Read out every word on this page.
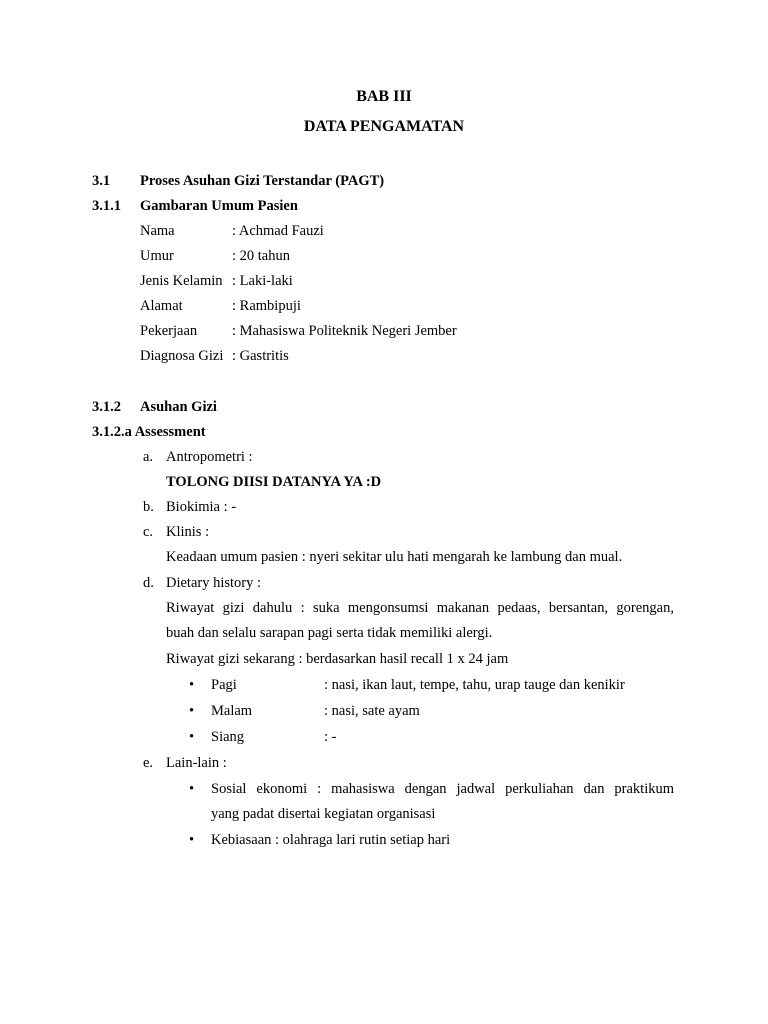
BAB III
DATA PENGAMATAN
3.1 Proses Asuhan Gizi Terstandar (PAGT)
3.1.1 Gambaran Umum Pasien
Nama	: Achmad Fauzi
Umur	: 20 tahun
Jenis Kelamin : Laki-laki
Alamat	: Rambipuji
Pekerjaan : Mahasiswa Politeknik Negeri Jember
Diagnosa Gizi : Gastritis
3.1.2 Asuhan Gizi
3.1.2.a Assessment
a. Antropometri :
TOLONG DIISI DATANYA YA :D
b. Biokimia : -
c. Klinis :
Keadaan umum pasien : nyeri sekitar ulu hati mengarah ke lambung dan mual.
d. Dietary history :
Riwayat gizi dahulu : suka mengonsumsi makanan pedaas, bersantan, gorengan,
buah dan selalu sarapan pagi serta tidak memiliki alergi.
Riwayat gizi sekarang : berdasarkan hasil recall 1 x 24 jam
• Pagi	: nasi, ikan laut, tempe, tahu, urap tauge dan kenikir
• Malam	: nasi, sate ayam
• Siang	: -
e. Lain-lain :
• Sosial ekonomi : mahasiswa dengan jadwal perkuliahan dan praktikum
yang padat disertai kegiatan organisasi
• Kebiasaan : olahraga lari rutin setiap hari
